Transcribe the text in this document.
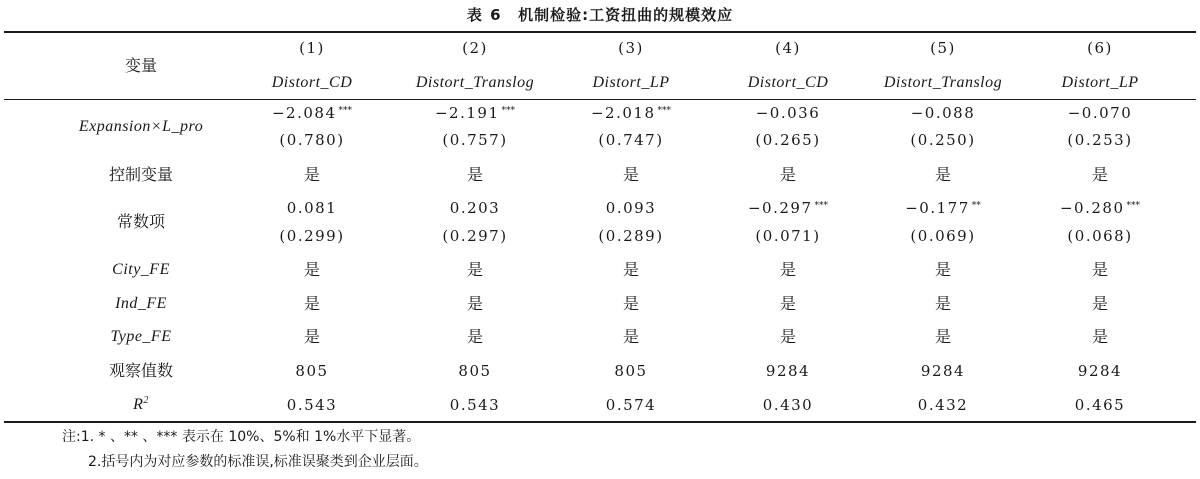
表 6 机制检验:工资扭曲的规模效应
变量
(1)	(2)	(3)	(4)	(5)	(6)
Distort_CD	Distort_Translog	Distort_LP	Distort_CD	Distort_Translog	Distort_LP
Expansion×L_pro
−2.084 ***	−2.191 ***	−2.018 ***	−0.036	−0.088	−0.070
(0.780)	(0.757)	(0.747)	(0.265)	(0.250)	(0.253)
控制变量	是	是	是	是	是	是
常数项
0.081	0.203	0.093	−0.297 ***	−0.177 **	−0.280 ***
(0.299)	(0.297)	(0.289)	(0.071)	(0.069)	(0.068)
City_FE	是	是	是	是	是	是
Ind_FE	是	是	是	是	是	是
Type_FE	是	是	是	是	是	是
观察值数	805	805	805	9284	9284	9284
$R^2$	0.543	0.543	0.574	0.430	0.432	0.465
注:1. * 、** 、*** 表示在 10%、5%和 1%水平下显著。
2.括号内为对应参数的标准误,标准误聚类到企业层面。
